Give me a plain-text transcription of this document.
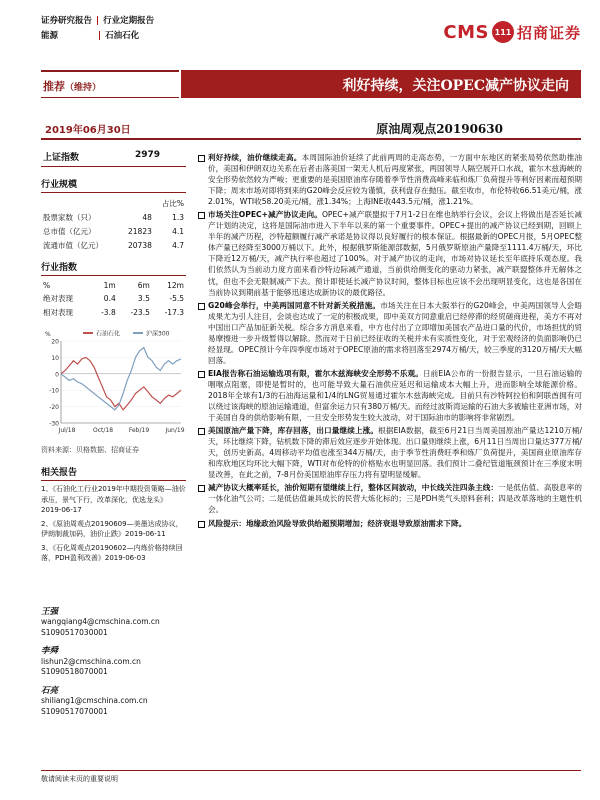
证券研究报告 | 行业定期报告
能源	| 石油石化	CMS 111 招商证券
推荐（维持）	利好持续，关注OPEC减产协议走向
2019年06月30日	原油周观点20190630
上证指数	2979
行业规模
		占比%
股票家数（只）	48	1.3
总市值（亿元）	21823	4.1
流通市值（亿元）	20738	4.7
行业指数
%	1m	6m	12m
绝对表现	0.4	3.5	-5.5
相对表现	-3.8	-23.5	-17.3
20
10
0
-10
-20
-30
%
Jul/18	Oct/18	Feb/19	Jun/19
石油石化	沪深300
资料来源：贝格数据、招商证券
相关报告
1、《石油化工行业2019年中期投资策略—油价承压，景气下行，改革深化，优选龙头》2019-06-17
2、《原油周观点20190609—美墨达成协议，伊朗制裁加码，油价止跌》2019-06-11
3、《石化周观点20190602—内炼价格持续回落，PDH盈利改善》2019-06-03
王强
wangqiang4@cmschina.com.cn
S1090517030001
李舜
lishun2@cmschina.com.cn
S1090518070001
石亮
shiliang1@cmschina.com.cn
S1090517070001
利好持续，油价继续走高。本周国际油价延续了此前两周的走高态势，一方面中东地区的紧张局势依然助推油价，美国和伊朗双边关系在后者击落美国一架无人机后再度紧张，两国领导人隔空展开口水战，霍尔木兹海峡的安全形势依然较为严峻；更重要的是美国原油库存随着季节性消费高峰来临和炼厂负荷提升等利好因素而超预期下降；周末市场对即将到来的G20峰会反应较为谨慎，获利盘存在抛压。截至收市，布伦特收66.51美元/桶，涨2.01%，WTI收58.20美元/桶，涨1.34%；上海INE收443.5元/桶，涨1.21%。
市场关注OPEC+减产协议走向。OPEC+减产联盟拟于7月1-2日在维也纳举行会议，会议上将做出是否延长减产计划的决定，这将是国际油市进入下半年以来的第一个重要事件。OPEC+提出的减产协议已经到期，回顾上半年的减产历程，沙特超额履行减产承诺是协议得以良好履行的根本保证。根据最新的OPEC月报，5月OPEC整体产量已经降至3000万桶以下。此外，根据俄罗斯能源部数据，5月俄罗斯原油产量降至1111.4万桶/天，环比下降近12万桶/天，减产执行率也超过了100%。对于减产协议的走向，市场对协议延长至年底持乐观态度。我们依然认为当前动力度方面来看沙特边际减产通道，当前供给侧变化的驱动力紧张，减产联盟整体并无解体之忧，但也不会无限制减产下去。预计即使延长减产协议时间，整体目标也应该不会出现明显变化，这也是各国在当前协议到期前基于能够迅速达成新协议的最优路径。
G20峰会举行，中美两国同意不针对新关税措施。市场关注在日本大阪举行的G20峰会，中美两国领导人会晤成果尤为引人注目，会谈也达成了一定的积极成果，即中美双方同意重启已经停滞的经贸磋商进程，美方不再对中国出口产品加征新关税。综合多方消息来看，中方也付出了立即增加美国农产品进口量的代价，市场担忧的贸易摩擦进一步升级暂得以解除。然而对于日前已经征收的关税并未有实质性变化，对于宏观经济的负面影响仍已经显现。OPEC预计今年四季度市场对于OPEC原油的需求将回落至2974万桶/天，较三季度的3120万桶/天大幅回落。
EIA报告称石油运输选项有限，霍尔木兹海峡安全形势不乐观。日前EIA公布的一份报告显示，一旦石油运输的咽喉点阻塞，即使是暂时的，也可能导致大量石油供应延迟和运输成本大幅上升，进而影响全球能源价格。2018年全球有1/3的石油海运量和1/4的LNG贸易通过霍尔木兹海峡完成。目前只有沙特阿拉伯和阿联酋拥有可以绕过该海峡的原油运输通道，但富余运力只有380万桶/天。而经过波斯湾运输的石油大多被输往亚洲市场，对于美国自身的供给影响有限，一旦安全形势发生较大波动，对于国际油市的影响将非常剧烈。
美国原油产量下降，库存回落，出口量继续上涨。根据EIA数据，截至6月21日当周美国原油产量达1210万桶/天，环比继续下降，钻机数下降的滞后效应逐步开始体现。出口量则继续上涨，6月11日当周出口量达377万桶/天，创历史新高。4周移动平均值也涨至344万桶/天，由于季节性消费旺季和炼厂负荷提升，美国商业原油库存和库欣地区均环比大幅下降，WTI对布伦特的价格贴水也明显回落。我们预计二叠纪管道瓶颈预计在三季度末明显改善，在此之前，7-8月份美国原油库存压力将有望明显缓解。
减产协议大概率延长，油价短期有望继续上行，整体区间波动，中长线关注四条主线：一是低估值、高股息率的一体化油气公司；二是低估值兼具成长的民营大炼化标的；三是PDH类气头原料套利；四是改革落地的主题性机会。
风险提示：地缘政治风险导致供给超预期增加；经济衰退导致原油需求下降。
敬请阅读末页的重要说明
